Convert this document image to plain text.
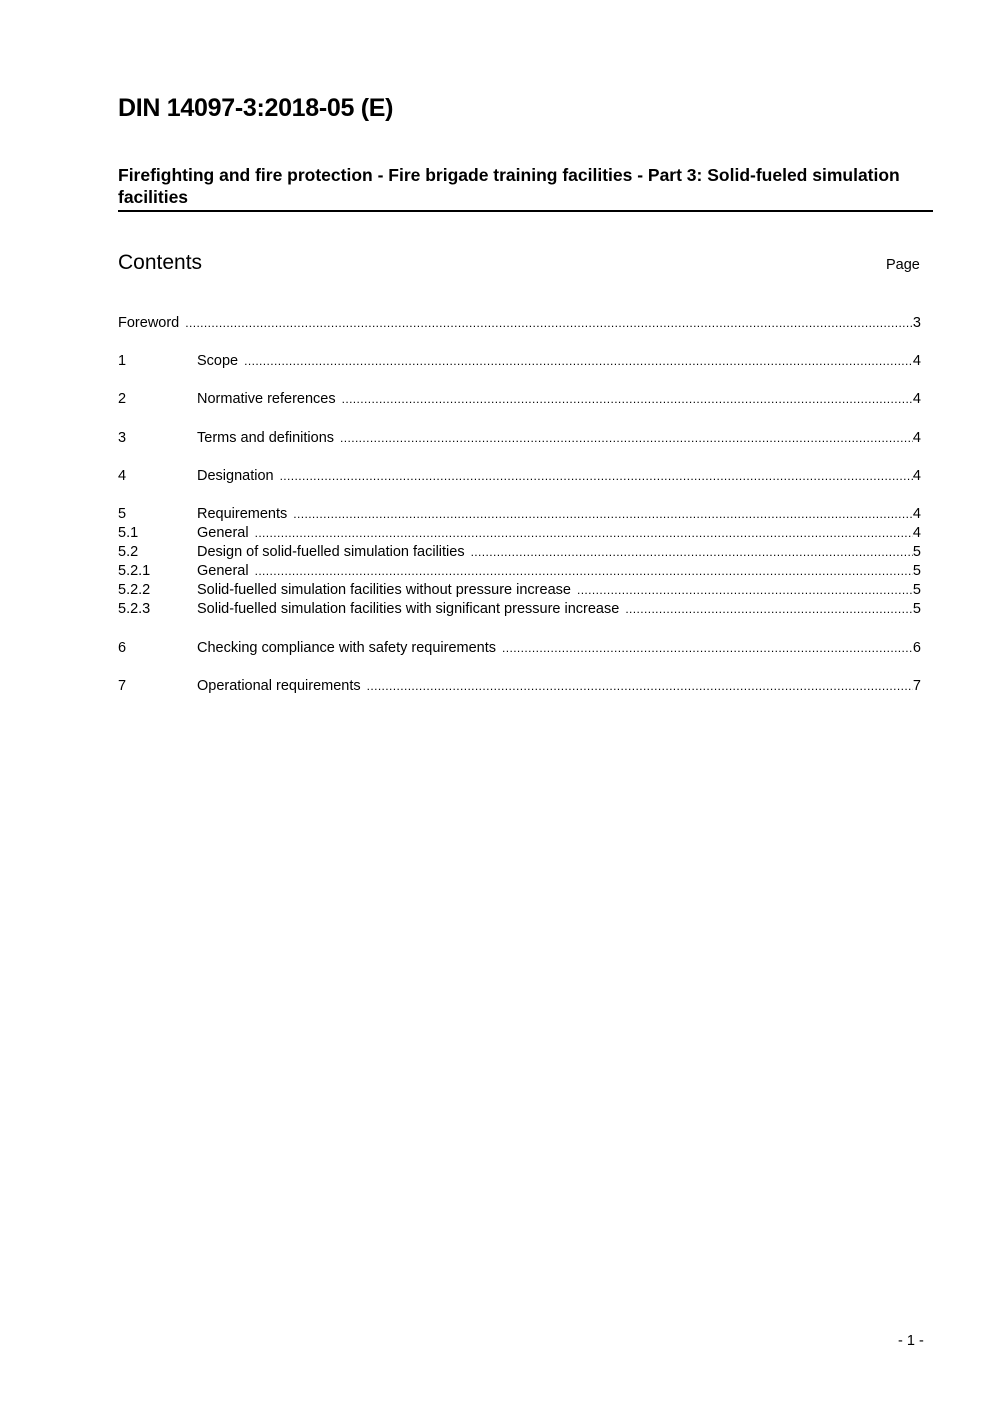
DIN 14097-3:2018-05 (E)
Firefighting and fire protection - Fire brigade training facilities - Part 3: Solid-fueled simulation facilities
Contents	Page
Foreword .....	3
1	Scope .....	4
2	Normative references .....	4
3	Terms and definitions .....	4
4	Designation .....	4
5	Requirements .....	4
5.1	General .....	4
5.2	Design of solid-fuelled simulation facilities .....	5
5.2.1	General .....	5
5.2.2	Solid-fuelled simulation facilities without pressure increase .....	5
5.2.3	Solid-fuelled simulation facilities with significant pressure increase .....	5
6	Checking compliance with safety requirements .....	6
7	Operational requirements .....	7
- 1 -
